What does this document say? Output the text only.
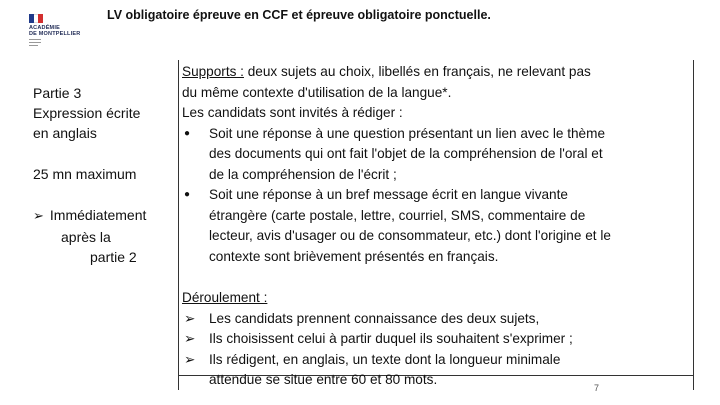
ACADÉMIE
DE MONTPELLIER
LV obligatoire épreuve en CCF et épreuve obligatoire ponctuelle.
Partie 3
Expression écrite
en anglais
25 mn maximum
➢ Immédiatement
après la
partie 2

Supports : deux sujets au choix, libellés en français, ne relevant pas

du même contexte d'utilisation de la langue*.

Les candidats sont invités à rédiger :

● Soit une réponse à une question présentant un lien avec le thème

des documents qui ont fait l'objet de la compréhension de l'oral et

de la compréhension de l'écrit ;

● Soit une réponse à un bref message écrit en langue vivante

étrangère (carte postale, lettre, courriel, SMS, commentaire de

lecteur, avis d'usager ou de consommateur, etc.) dont l'origine et le

contexte sont brièvement présentés en français.

Déroulement :

➢ Les candidats prennent connaissance des deux sujets,

➢ Ils choisissent celui à partir duquel ils souhaitent s'exprimer ;

➢ Ils rédigent, en anglais, un texte dont la longueur minimale

attendue se situe entre 60 et 80 mots.

7
